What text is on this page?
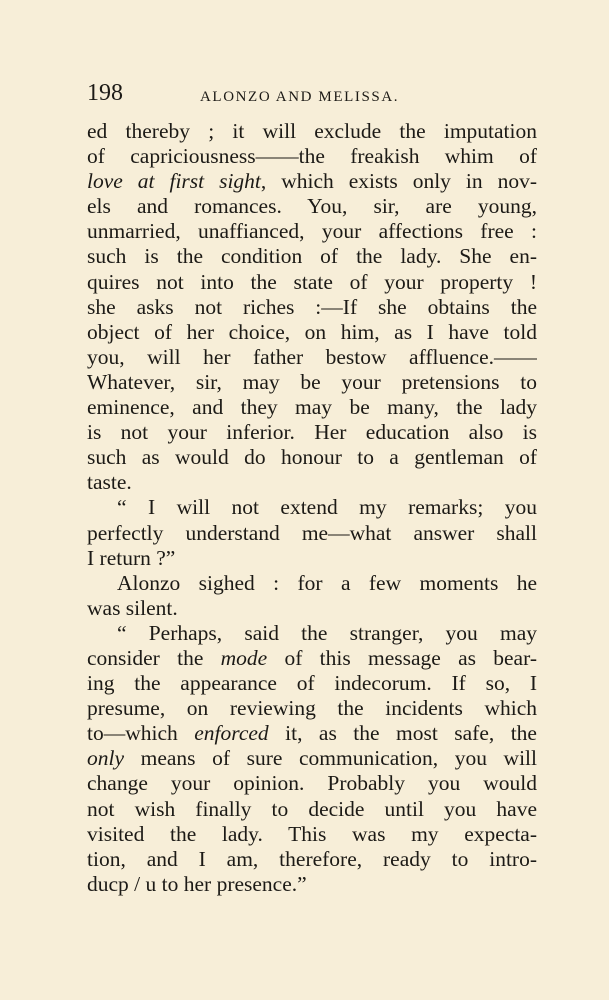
198	ALONZO AND MELISSA.
ed thereby ; it will exclude the imputation
of capriciousness——the freakish whim of
love at first sight, which exists only in nov-
els and romances. You, sir, are young,
unmarried, unaffianced, your affections free :
such is the condition of the lady. She en-
quires not into the state of your property !
she asks not riches :—If she obtains the
object of her choice, on him, as I have told
you, will her father bestow affluence.——
Whatever, sir, may be your pretensions to
eminence, and they may be many, the lady
is not your inferior. Her education also is
such as would do honour to a gentleman of
taste.
“ I will not extend my remarks; you
perfectly understand me—what answer shall
I return ?”
Alonzo sighed : for a few moments he
was silent.
“ Perhaps, said the stranger, you may
consider the mode of this message as bear-
ing the appearance of indecorum. If so, I
presume, on reviewing the incidents which
to—which enforced it, as the most safe, the
only means of sure communication, you will
change your opinion. Probably you would
not wish finally to decide until you have
visited the lady. This was my expecta-
tion, and I am, therefore, ready to intro-
ducp / u to her presence.”
